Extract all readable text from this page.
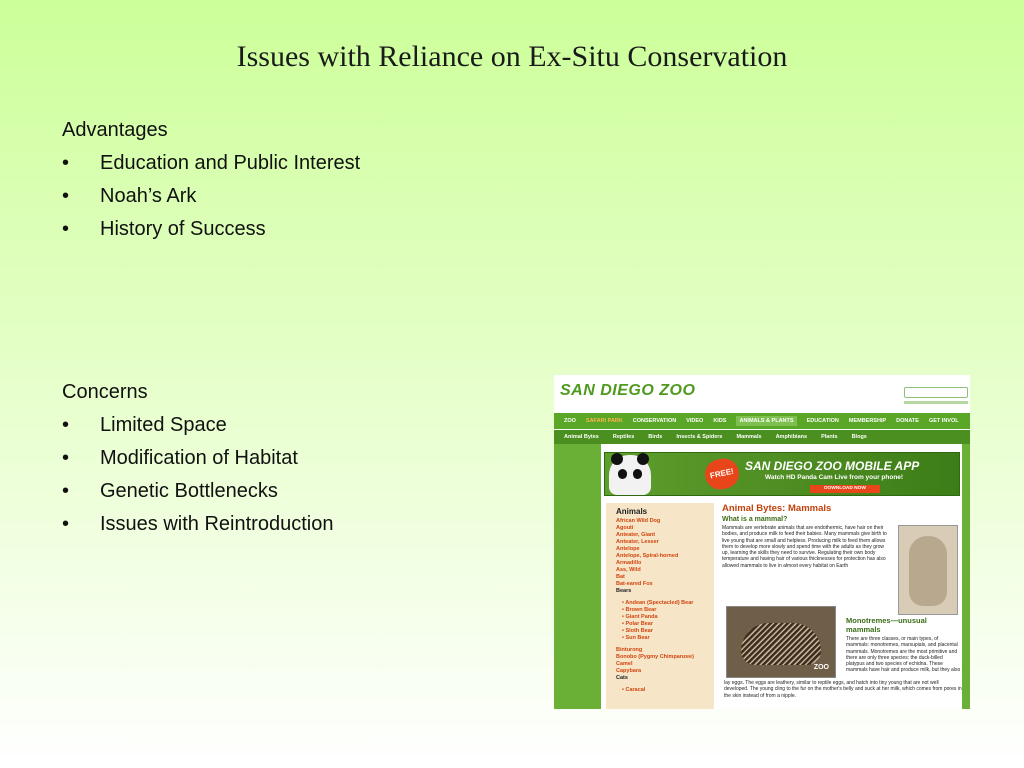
Issues with Reliance on Ex-Situ Conservation
Advantages
•	Education and Public Interest
•	Noah’s Ark
•	History of Success
Concerns
•	Limited Space
•	Modification of Habitat
•	Genetic Bottlenecks
•	Issues with Reintroduction
SAN DIEGO ZOO
ZOO SAFARI PARK CONSERVATION VIDEO KIDS	ANIMALS & PLANTS	EDUCATION MEMBERSHIP DONATE GET INVOL
Animal Bytes	Reptiles	Birds	Insects & Spiders	Mammals	Amphibians	Plants	Blogs
FREE!
SAN DIEGO ZOO MOBILE APP
Watch HD Panda Cam Live from your phone!
DOWNLOAD NOW
Animals
African Wild Dog
Agouti
Anteater, Giant
Anteater, Lesser
Antelope
Antelope, Spiral-horned
Armadillo
Ass, Wild
Bat
Bat-eared Fox
Bears
• Andean (Spectacled) Bear
• Brown Bear
• Giant Panda
• Polar Bear
• Sloth Bear
• Sun Bear
Binturong
Bonobo (Pygmy Chimpanzee)
Camel
Capybara
Cats
• Caracal
Animal Bytes: Mammals
What is a mammal?
Mammals are vertebrate animals that are endothermic, have hair on their bodies, and produce milk to feed their babies. Many mammals give birth to live young that are small and helpless. Producing milk to feed them allows them to develop more slowly and spend time with the adults as they grow up, learning the skills they need to survive. Regulating their own body temperature and having hair of various thicknesses for protection has also allowed mammals to live in almost every habitat on Earth
ZOO
Monotremes—unusual mammals
There are three classes, or main types, of mammals: monotremes, marsupials, and placental mammals. Monotremes are the most primitive and there are only three species: the duck-billed platypus and two species of echidna. These mammals have hair and produce milk, but they also
lay eggs. The eggs are leathery, similar to reptile eggs, and hatch into tiny young that are not well developed. The young cling to the fur on the mother's belly and suck at her milk, which comes from pores in the skin instead of from a nipple.
